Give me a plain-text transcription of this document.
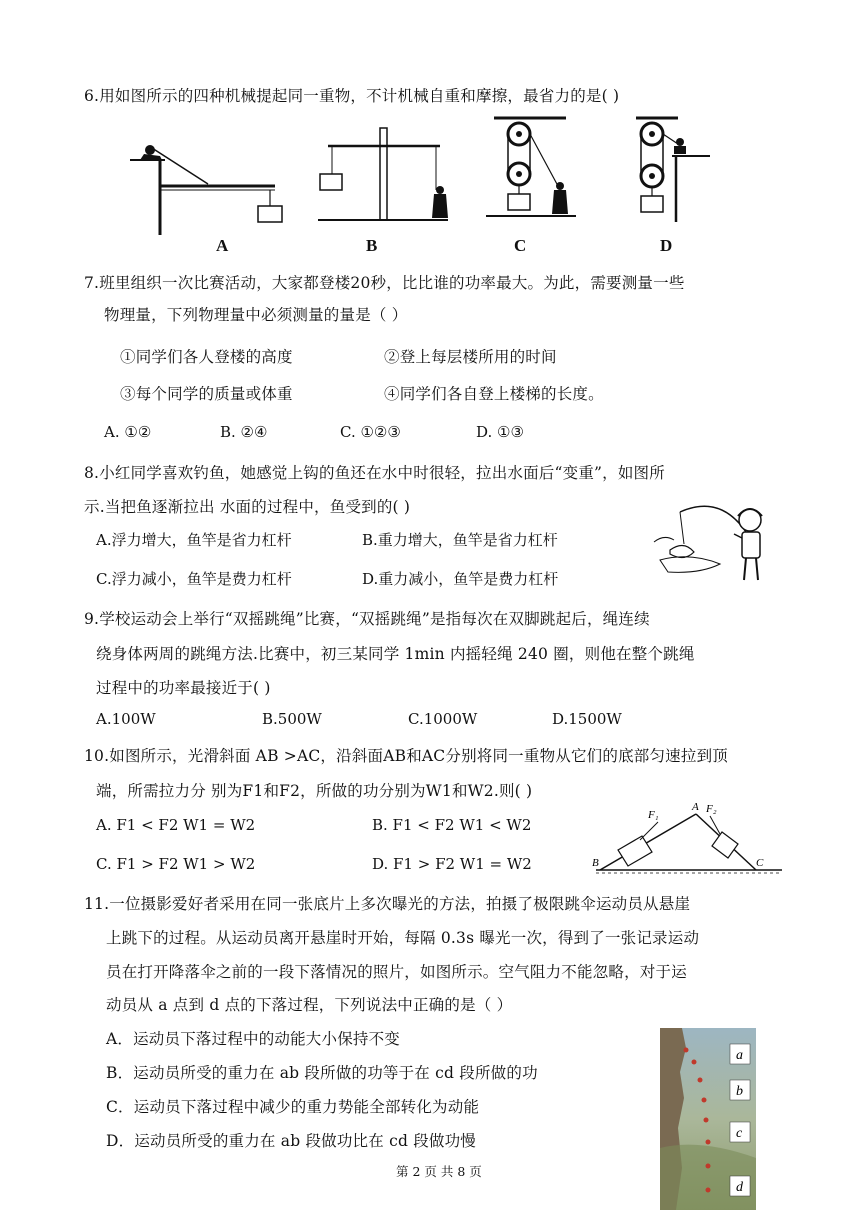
6.用如图所示的四种机械提起同一重物，不计机械自重和摩擦，最省力的是( )
A	B	C	D
7.班里组织一次比赛活动，大家都登楼20秒，比比谁的功率最大。为此，需要测量一些
物理量，下列物理量中必须测量的量是（ ）
①同学们各人登楼的高度	②登上每层楼所用的时间
③每个同学的质量或体重	④同学们各自登上楼梯的长度。
A. ①②	B. ②④	C. ①②③	D. ①③
8.小红同学喜欢钓鱼，她感觉上钩的鱼还在水中时很轻，拉出水面后“变重”，如图所
示.当把鱼逐渐拉出 水面的过程中，鱼受到的( )
A.浮力增大，鱼竿是省力杠杆	B.重力增大，鱼竿是省力杠杆
C.浮力减小，鱼竿是费力杠杆	D.重力减小，鱼竿是费力杠杆
9.学校运动会上举行“双摇跳绳”比赛，“双摇跳绳”是指每次在双脚跳起后，绳连续
绕身体两周的跳绳方法.比赛中，初三某同学 1min 内摇轻绳 240 圈，则他在整个跳绳
过程中的功率最接近于( )
A.100W	B.500W	C.1000W	D.1500W
10.如图所示，光滑斜面 AB >AC，沿斜面AB和AC分别将同一重物从它们的底部匀速拉到顶
端，所需拉力分 别为F1和F2，所做的功分别为W1和W2.则( )
A. F1 < F2 W1 = W2	B. F1 < F2 W1 < W2
C. F1 > F2 W1 > W2	D. F1 > F2 W1 = W2
F₁
A F₂
B	C
11.一位摄影爱好者采用在同一张底片上多次曝光的方法，拍摄了极限跳伞运动员从悬崖
上跳下的过程。从运动员离开悬崖时开始，每隔 0.3s 曝光一次，得到了一张记录运动
员在打开降落伞之前的一段下落情况的照片，如图所示。空气阻力不能忽略，对于运
动员从 a 点到 d 点的下落过程，下列说法中正确的是（ ）
A．运动员下落过程中的动能大小保持不变
B．运动员所受的重力在 ab 段所做的功等于在 cd 段所做的功
C．运动员下落过程中减少的重力势能全部转化为动能
D．运动员所受的重力在 ab 段做功比在 cd 段做功慢
a
b
c
d
第 2 页 共 8 页
